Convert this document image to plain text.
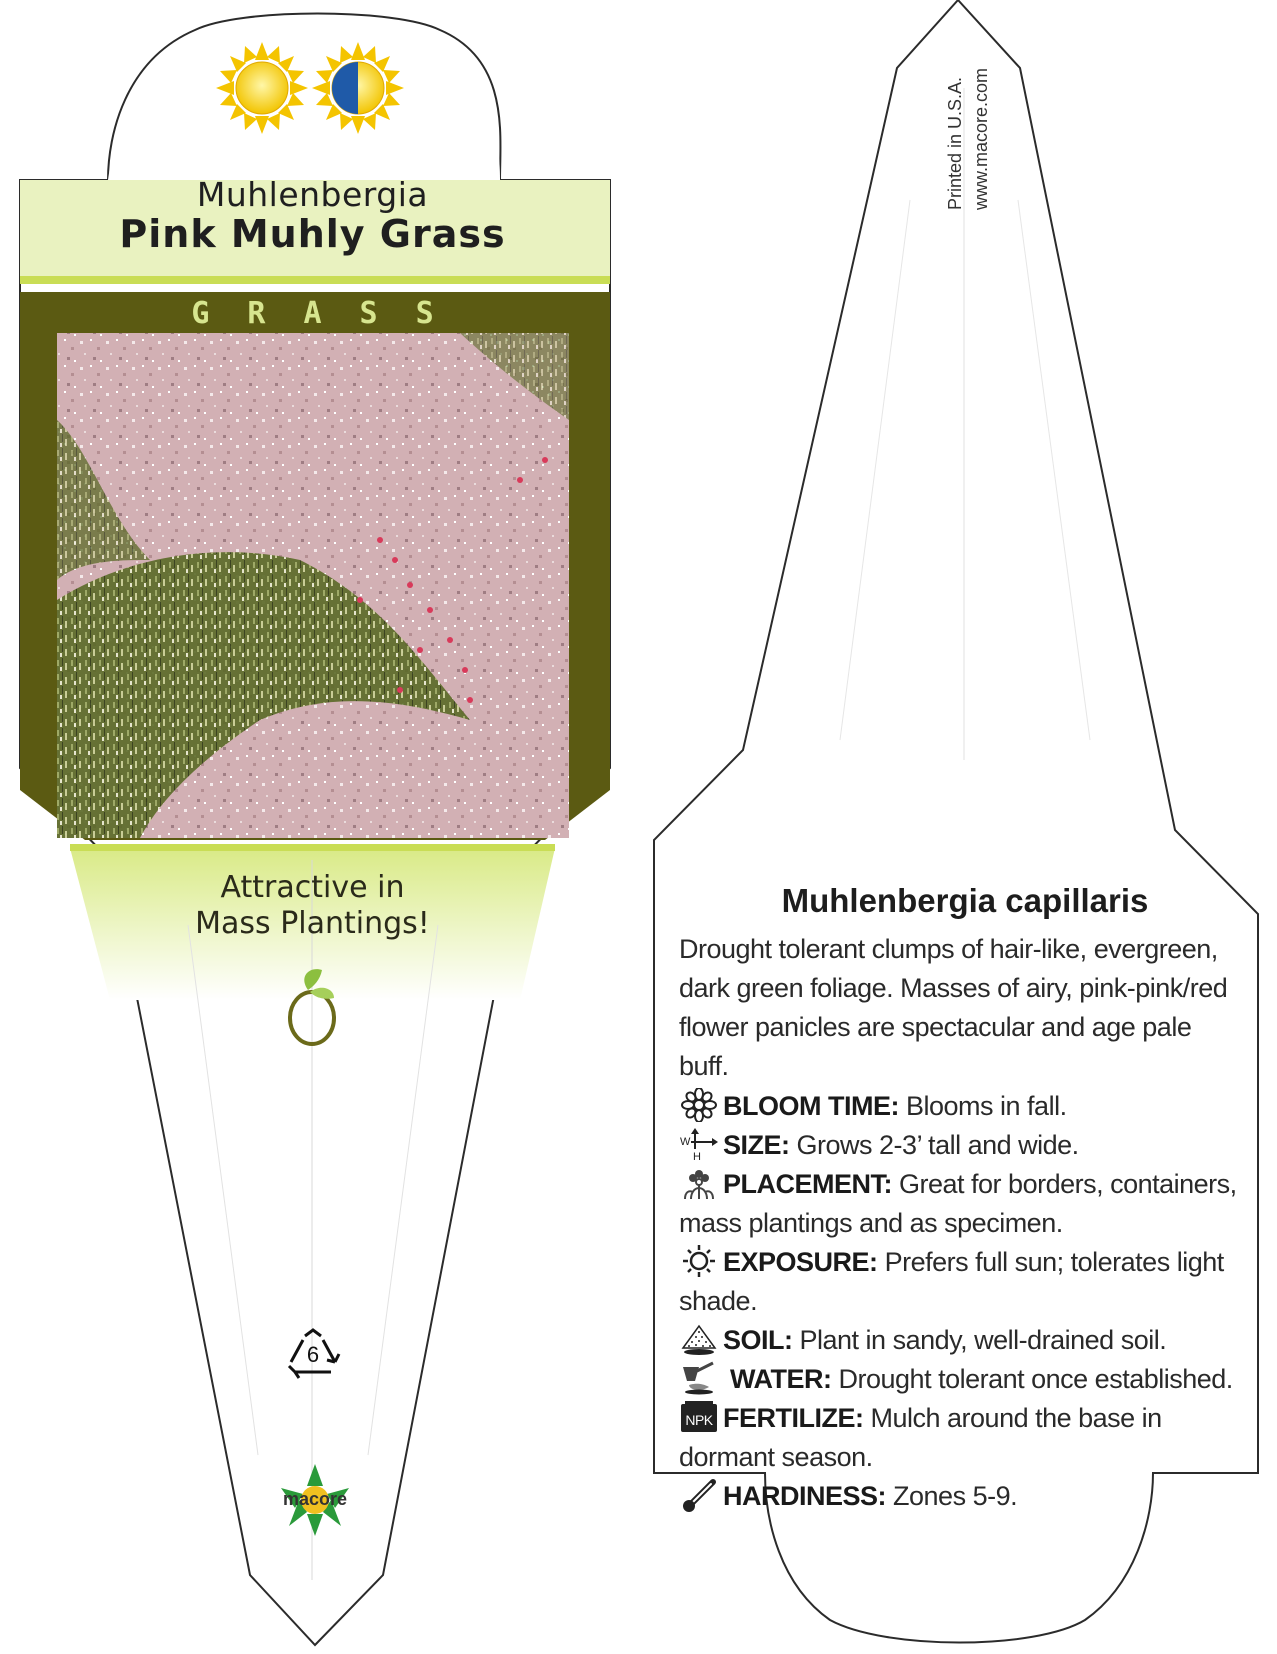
Muhlenbergia
Pink Muhly Grass
GRASS
Attractive in
Mass Plantings!
6
macore
Printed in U.S.A. www.macore.com
Muhlenbergia capillaris
Drought tolerant clumps of hair-like, evergreen, dark green foliage. Masses of airy, pink-pink/red flower panicles are spectacular and age pale buff.
BLOOM TIME: Blooms in fall.
W
H SIZE: Grows 2-3’ tall and wide.
PLACEMENT: Great for borders, containers, mass plantings and as specimen.
EXPOSURE: Prefers full sun; tolerates light shade.
SOIL: Plant in sandy, well-drained soil.
WATER: Drought tolerant once established.
NPK FERTILIZE: Mulch around the base in dormant season.
HARDINESS: Zones 5-9.
